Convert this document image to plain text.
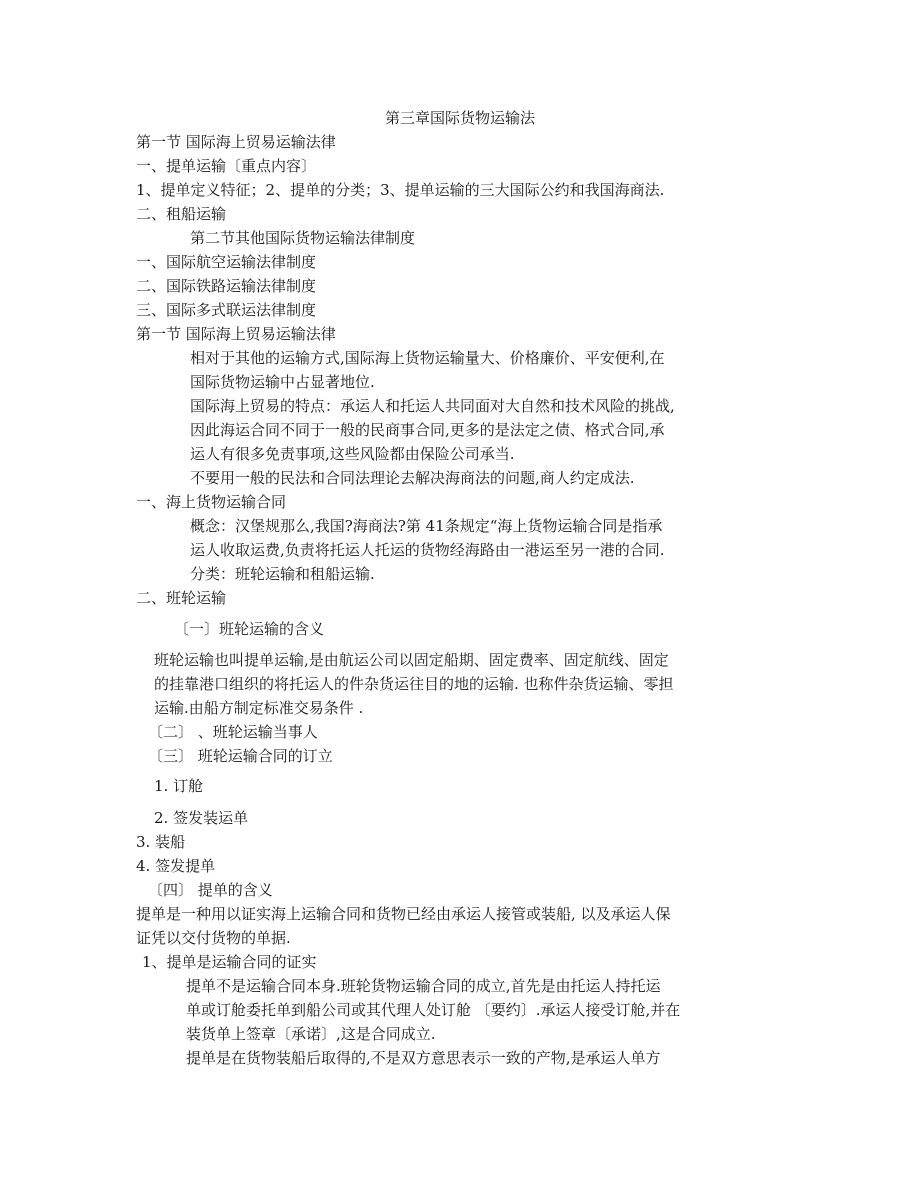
第三章国际货物运输法
第一节 国际海上贸易运输法律
一、提单运输〔重点内容〕
1、提单定义特征；2、提单的分类；3、提单运输的三大国际公约和我国海商法.
二、租船运输
第二节其他国际货物运输法律制度
一、国际航空运输法律制度
二、国际铁路运输法律制度
三、国际多式联运法律制度
第一节 国际海上贸易运输法律
相对于其他的运输方式,国际海上货物运输量大、价格廉价、平安便利,在
国际货物运输中占显著地位.
国际海上贸易的特点：承运人和托运人共同面对大自然和技术风险的挑战,
因此海运合同不同于一般的民商事合同,更多的是法定之债、格式合同,承
运人有很多免责事项,这些风险都由保险公司承当.
不要用一般的民法和合同法理论去解决海商法的问题,商人约定成法.
一、海上货物运输合同
概念：汉堡规那么,我国?海商法?第 41条规定“海上货物运输合同是指承
运人收取运费,负责将托运人托运的货物经海路由一港运至另一港的合同.
分类：班轮运输和租船运输.
二、班轮运输
〔一〕班轮运输的含义
班轮运输也叫提单运输,是由航运公司以固定船期、固定费率、固定航线、固定
的挂靠港口组织的将托运人的件杂货运往目的地的运输. 也称件杂货运输、零担
运输.由船方制定标准交易条件 .
〔二〕 、班轮运输当事人
〔三〕 班轮运输合同的订立
1. 订舱
2. 签发装运单
3. 装船
4. 签发提单
〔四〕 提单的含义
提单是一种用以证实海上运输合同和货物已经由承运人接管或装船, 以及承运人保
证凭以交付货物的单据.
1、提单是运输合同的证实
提单不是运输合同本身.班轮货物运输合同的成立,首先是由托运人持托运
单或订舱委托单到船公司或其代理人处订舱 〔要约〕.承运人接受订舱,并在
装货单上签章〔承诺〕,这是合同成立.
提单是在货物装船后取得的,不是双方意思表示一致的产物,是承运人单方
